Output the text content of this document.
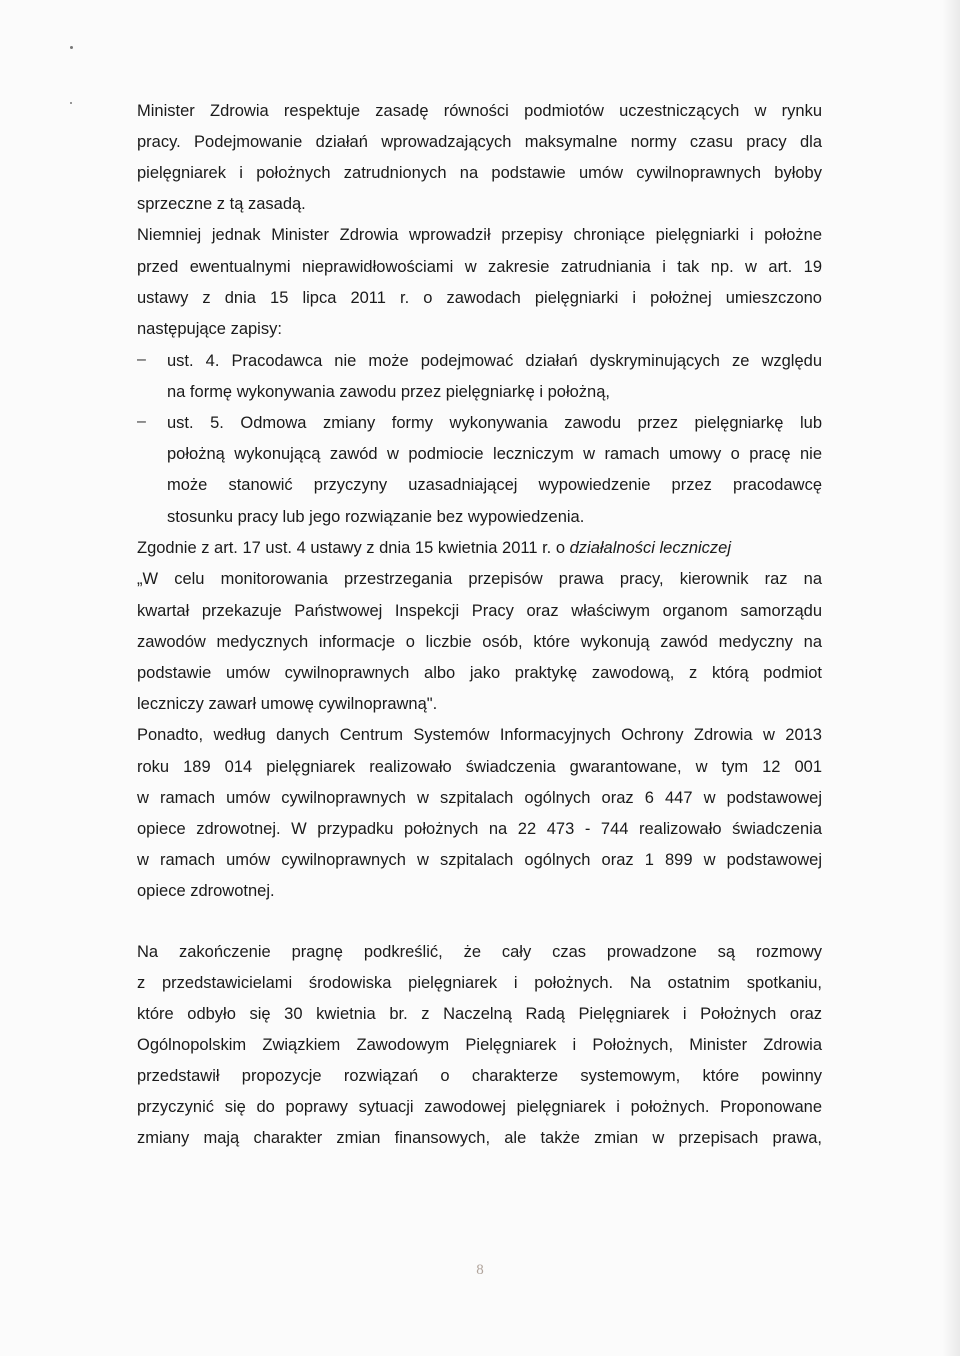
Minister Zdrowia respektuje zasadę równości podmiotów uczestniczących w rynku
pracy. Podejmowanie działań wprowadzających maksymalne normy czasu pracy dla
pielęgniarek i położnych zatrudnionych na podstawie umów cywilnoprawnych byłoby
sprzeczne z tą zasadą.
Niemniej jednak Minister Zdrowia wprowadził przepisy chroniące pielęgniarki i położne
przed ewentualnymi nieprawidłowościami w zakresie zatrudniania i tak np. w art. 19
ustawy z dnia 15 lipca 2011 r. o zawodach pielęgniarki i położnej umieszczono
następujące zapisy:
– ust. 4. Pracodawca nie może podejmować działań dyskryminujących ze względu
na formę wykonywania zawodu przez pielęgniarkę i położną,
– ust. 5. Odmowa zmiany formy wykonywania zawodu przez pielęgniarkę lub
położną wykonującą zawód w podmiocie leczniczym w ramach umowy o pracę nie
może stanowić przyczyny uzasadniającej wypowiedzenie przez pracodawcę
stosunku pracy lub jego rozwiązanie bez wypowiedzenia.
Zgodnie z art. 17 ust. 4 ustawy z dnia 15 kwietnia 2011 r. o działalności leczniczej
„W celu monitorowania przestrzegania przepisów prawa pracy, kierownik raz na
kwartał przekazuje Państwowej Inspekcji Pracy oraz właściwym organom samorządu
zawodów medycznych informacje o liczbie osób, które wykonują zawód medyczny na
podstawie umów cywilnoprawnych albo jako praktykę zawodową, z którą podmiot
leczniczy zawarł umowę cywilnoprawną".
Ponadto, według danych Centrum Systemów Informacyjnych Ochrony Zdrowia w 2013
roku 189 014 pielęgniarek realizowało świadczenia gwarantowane, w tym 12 001
w ramach umów cywilnoprawnych w szpitalach ogólnych oraz 6 447 w podstawowej
opiece zdrowotnej. W przypadku położnych na 22 473 - 744 realizowało świadczenia
w ramach umów cywilnoprawnych w szpitalach ogólnych oraz 1 899 w podstawowej
opiece zdrowotnej.
Na zakończenie pragnę podkreślić, że cały czas prowadzone są rozmowy
z przedstawicielami środowiska pielęgniarek i położnych. Na ostatnim spotkaniu,
które odbyło się 30 kwietnia br. z Naczelną Radą Pielęgniarek i Położnych oraz
Ogólnopolskim Związkiem Zawodowym Pielęgniarek i Położnych, Minister Zdrowia
przedstawił propozycje rozwiązań o charakterze systemowym, które powinny
przyczynić się do poprawy sytuacji zawodowej pielęgniarek i położnych. Proponowane
zmiany mają charakter zmian finansowych, ale także zmian w przepisach prawa,
8
